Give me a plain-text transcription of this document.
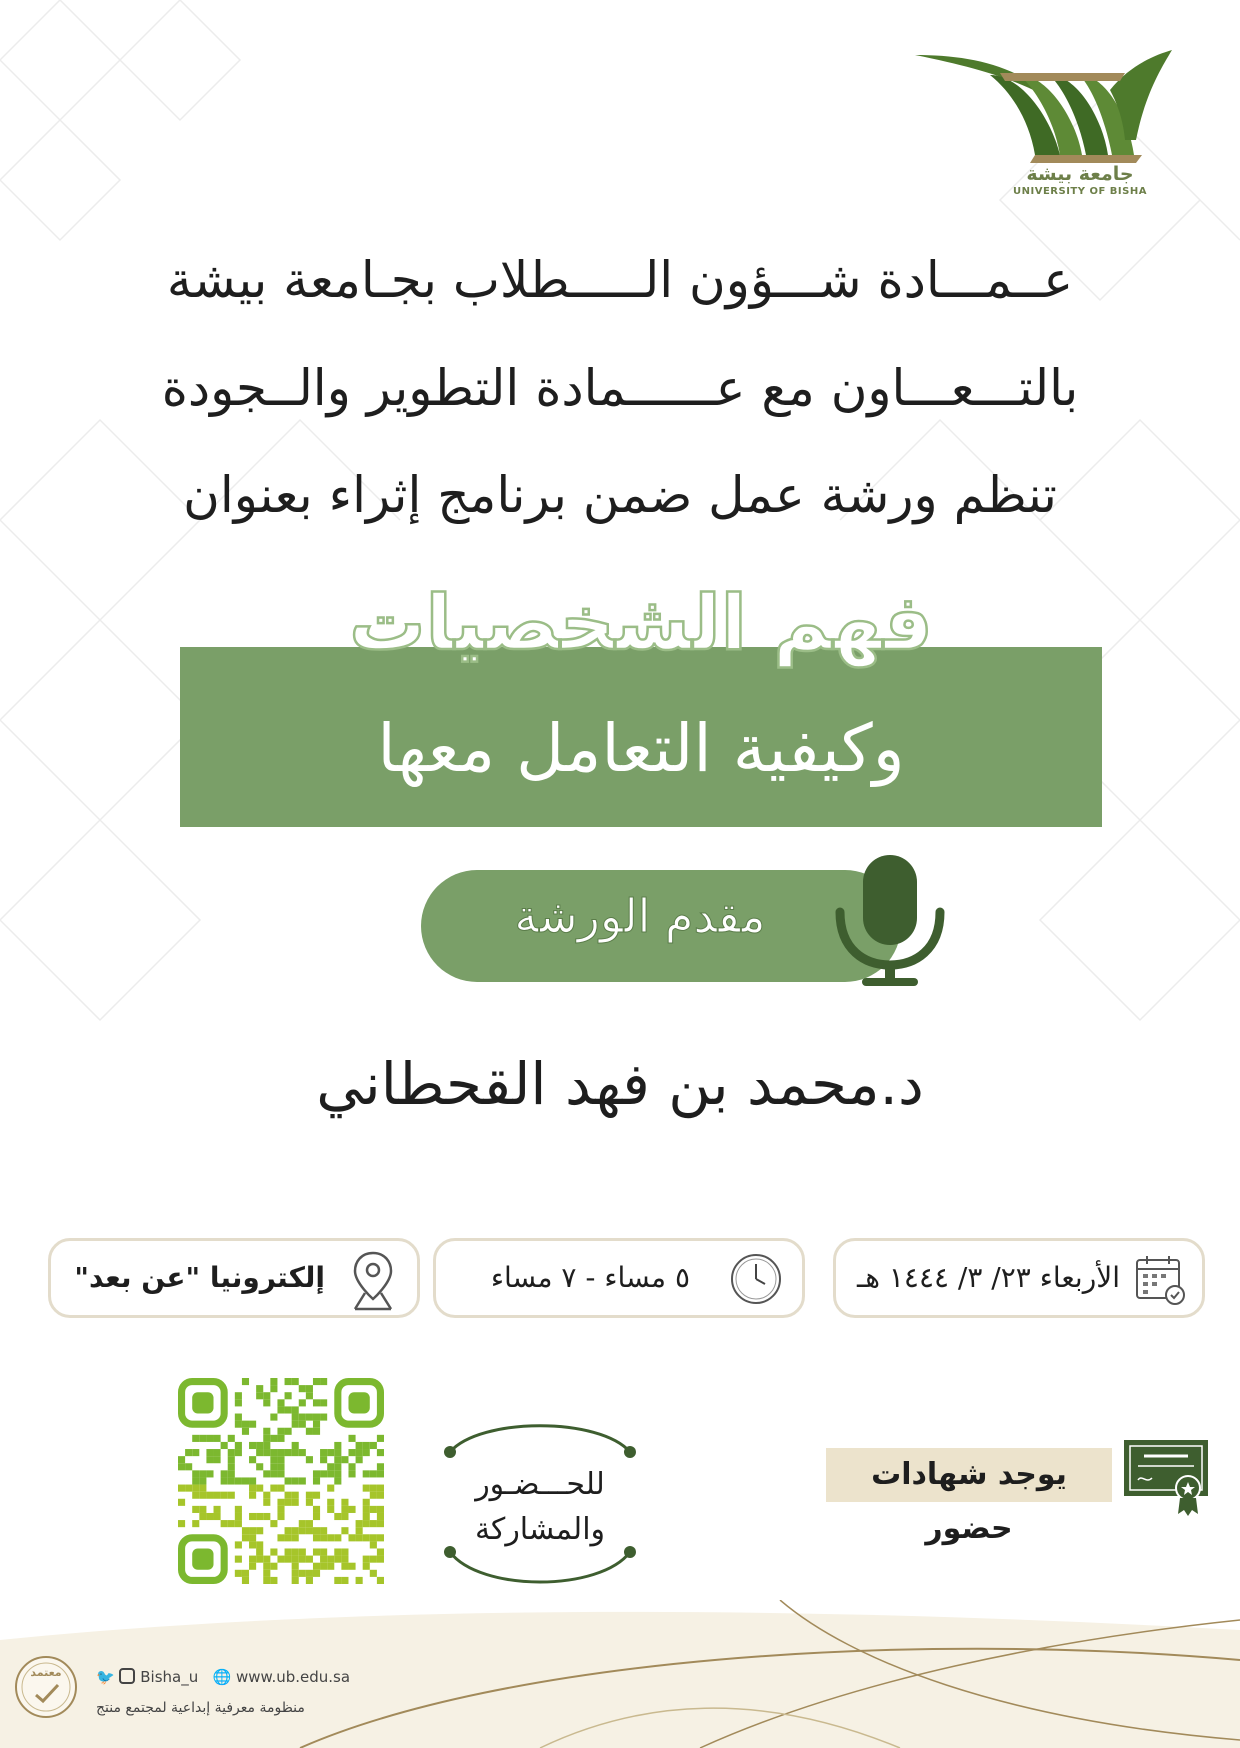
جامعة بيشة
UNIVERSITY OF BISHA
عــمـــادة شـــؤون الـــــطلاب بجـامعة بيشة
بالتـــعـــاون مع عــــــمادة التطوير والــجودة
تنظم ورشة عمل ضمن برنامج إثراء بعنوان
فهم الشخصيات
وكيفية التعامل معها
مقدم الورشة
د.محمد بن فهد القحطاني
الأربعاء ٢٣/ ٣/ ١٤٤٤ هـ
٥ مساء - ٧ مساء
إلكترونيا "عن بعد"
يوجد شهادات حضور
للحـــضـور
والمشاركة
معتمد	🐦 Bisha_u 🌐 www.ub.edu.sa
منظومة معرفية إبداعية لمجتمع منتج
